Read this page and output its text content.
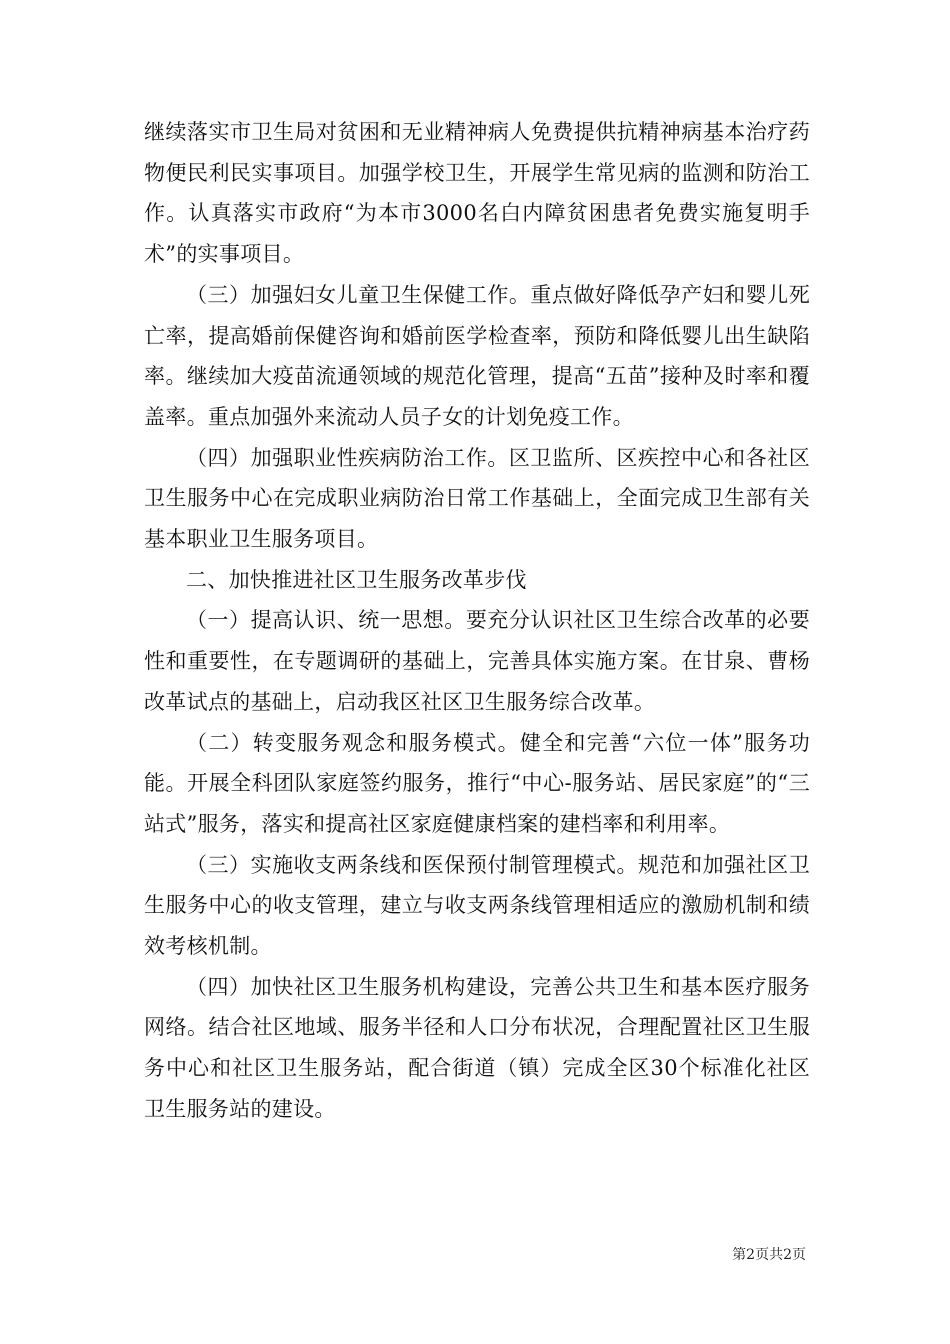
继续落实市卫生局对贫困和无业精神病人免费提供抗精神病基本治疗药物便民利民实事项目。加强学校卫生，开展学生常见病的监测和防治工作。认真落实市政府“为本市3000名白内障贫困患者免费实施复明手术”的实事项目。

（三）加强妇女儿童卫生保健工作。重点做好降低孕产妇和婴儿死亡率，提高婚前保健咨询和婚前医学检查率，预防和降低婴儿出生缺陷率。继续加大疫苗流通领域的规范化管理，提高“五苗”接种及时率和覆盖率。重点加强外来流动人员子女的计划免疫工作。

（四）加强职业性疾病防治工作。区卫监所、区疾控中心和各社区卫生服务中心在完成职业病防治日常工作基础上，全面完成卫生部有关基本职业卫生服务项目。

二、加快推进社区卫生服务改革步伐

（一）提高认识、统一思想。要充分认识社区卫生综合改革的必要性和重要性，在专题调研的基础上，完善具体实施方案。在甘泉、曹杨改革试点的基础上，启动我区社区卫生服务综合改革。

（二）转变服务观念和服务模式。健全和完善“六位一体”服务功能。开展全科团队家庭签约服务，推行“中心-服务站、居民家庭”的“三站式”服务，落实和提高社区家庭健康档案的建档率和利用率。

（三）实施收支两条线和医保预付制管理模式。规范和加强社区卫生服务中心的收支管理，建立与收支两条线管理相适应的激励机制和绩效考核机制。

（四）加快社区卫生服务机构建设，完善公共卫生和基本医疗服务网络。结合社区地域、服务半径和人口分布状况，合理配置社区卫生服务中心和社区卫生服务站，配合街道（镇）完成全区30个标准化社区卫生服务站的建设。

第2页共2页
